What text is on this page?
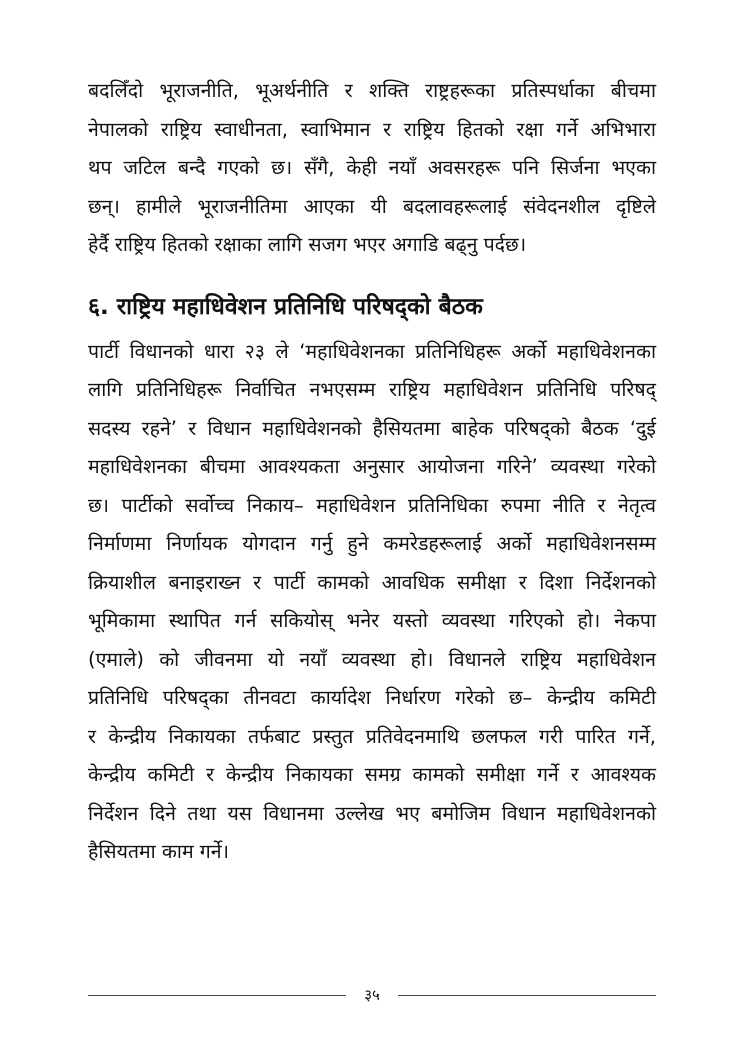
बदलिँदो भूराजनीति, भूअर्थनीति र शक्ति राष्ट्रहरूका प्रतिस्पर्धाका बीचमा
नेपालको राष्ट्रिय स्वाधीनता, स्वाभिमान र राष्ट्रिय हितको रक्षा गर्ने अभिभारा
थप जटिल बन्दै गएको छ। सँगै, केही नयाँ अवसरहरू पनि सिर्जना भएका
छन्। हामीले भूराजनीतिमा आएका यी बदलावहरूलाई संवेदनशील दृष्टिले
हेर्दै राष्ट्रिय हितको रक्षाका लागि सजग भएर अगाडि बढ्नु पर्दछ।
६. राष्ट्रिय महाधिवेशन प्रतिनिधि परिषद्को बैठक
पार्टी विधानको धारा २३ ले ‘महाधिवेशनका प्रतिनिधिहरू अर्को महाधिवेशनका
लागि प्रतिनिधिहरू निर्वाचित नभएसम्म राष्ट्रिय महाधिवेशन प्रतिनिधि परिषद्
सदस्य रहने’ र विधान महाधिवेशनको हैसियतमा बाहेक परिषद्को बैठक ‘दुई
महाधिवेशनका बीचमा आवश्यकता अनुसार आयोजना गरिने’ व्यवस्था गरेको
छ। पार्टीको सर्वोच्च निकाय– महाधिवेशन प्रतिनिधिका रुपमा नीति र नेतृत्व
निर्माणमा निर्णायक योगदान गर्नु हुने कमरेडहरूलाई अर्को महाधिवेशनसम्म
क्रियाशील बनाइराख्न र पार्टी कामको आवधिक समीक्षा र दिशा निर्देशनको
भूमिकामा स्थापित गर्न सकियोस् भनेर यस्तो व्यवस्था गरिएको हो। नेकपा
(एमाले) को जीवनमा यो नयाँ व्यवस्था हो। विधानले राष्ट्रिय महाधिवेशन
प्रतिनिधि परिषद्का तीनवटा कार्यादेश निर्धारण गरेको छ– केन्द्रीय कमिटी
र केन्द्रीय निकायका तर्फबाट प्रस्तुत प्रतिवेदनमाथि छलफल गरी पारित गर्ने,
केन्द्रीय कमिटी र केन्द्रीय निकायका समग्र कामको समीक्षा गर्ने र आवश्यक
निर्देशन दिने तथा यस विधानमा उल्लेख भए बमोजिम विधान महाधिवेशनको
हैसियतमा काम गर्ने।
३५
